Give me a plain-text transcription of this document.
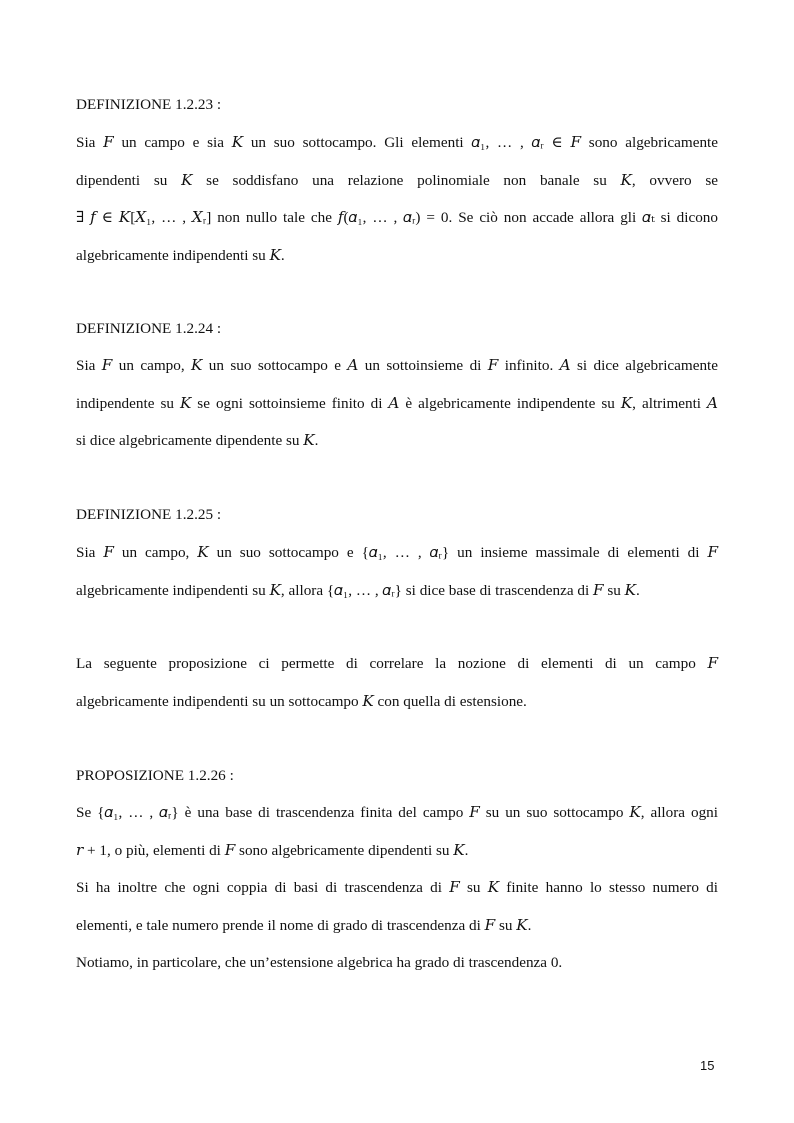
DEFINIZIONE 1.2.23 :

Sia 𝐹 un campo e sia 𝐾 un suo sottocampo. Gli elementi 𝛼₁, … , 𝛼ᵣ ∈ 𝐹 sono algebricamente

dipendenti su 𝐾 se soddisfano una relazione polinomiale non banale su 𝐾, ovvero se

∃ 𝑓 ∈ 𝐾[𝑋₁, … , 𝑋ᵣ] non nullo tale che 𝑓(𝛼₁, … , 𝛼ᵣ) = 0. Se ciò non accade allora gli 𝛼ₜ si dicono

algebricamente indipendenti su 𝐾.

DEFINIZIONE 1.2.24 :

Sia 𝐹 un campo, 𝐾 un suo sottocampo e 𝐴 un sottoinsieme di 𝐹 infinito. 𝐴 si dice algebricamente

indipendente su 𝐾 se ogni sottoinsieme finito di 𝐴 è algebricamente indipendente su 𝐾, altrimenti 𝐴

si dice algebricamente dipendente su 𝐾.

DEFINIZIONE 1.2.25 :

Sia 𝐹 un campo, 𝐾 un suo sottocampo e {𝛼₁, … , 𝛼ᵣ} un insieme massimale di elementi di 𝐹

algebricamente indipendenti su 𝐾, allora {𝛼₁, … , 𝛼ᵣ} si dice base di trascendenza di 𝐹 su 𝐾.

La seguente proposizione ci permette di correlare la nozione di elementi di un campo 𝐹

algebricamente indipendenti su un sottocampo 𝐾 con quella di estensione.

PROPOSIZIONE 1.2.26 :

Se {𝛼₁, … , 𝛼ᵣ} è una base di trascendenza finita del campo 𝐹 su un suo sottocampo 𝐾, allora ogni

𝑟 + 1, o più, elementi di 𝐹 sono algebricamente dipendenti su 𝐾.

Si ha inoltre che ogni coppia di basi di trascendenza di 𝐹 su 𝐾 finite hanno lo stesso numero di

elementi, e tale numero prende il nome di grado di trascendenza di 𝐹 su 𝐾.

Notiamo, in particolare, che un’estensione algebrica ha grado di trascendenza 0.

15
